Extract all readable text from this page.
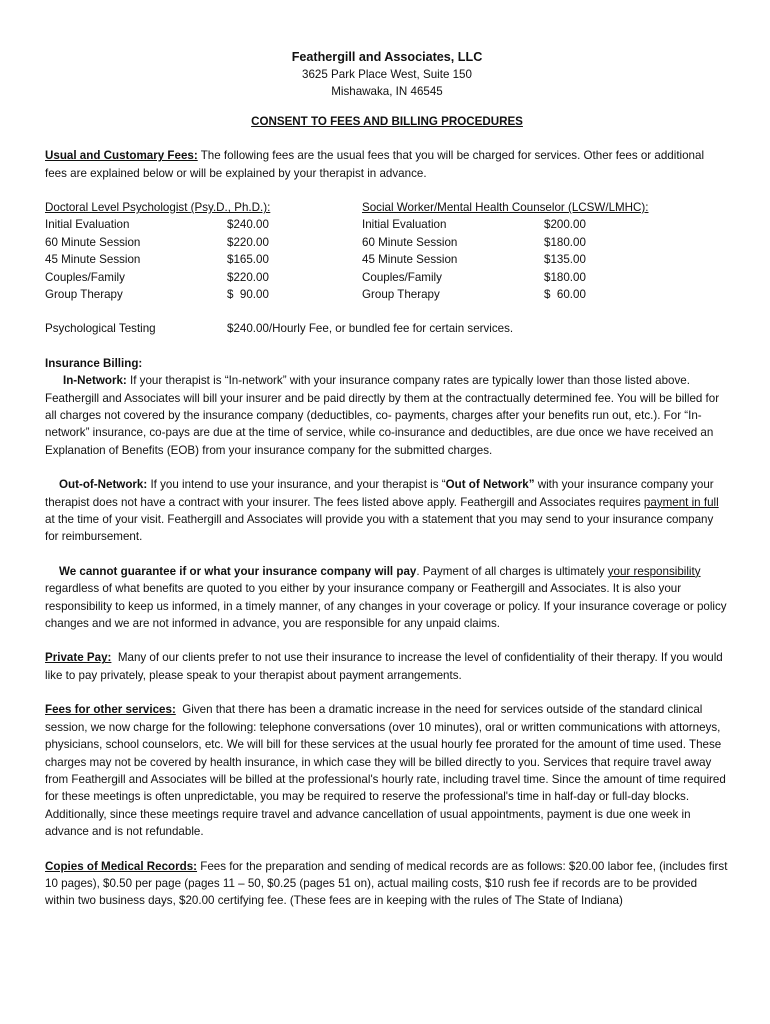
Feathergill and Associates, LLC
3625 Park Place West, Suite 150
Mishawaka, IN 46545
CONSENT TO FEES AND BILLING PROCEDURES

Usual and Customary Fees: The following fees are the usual fees that you will be charged for services. Other fees or additional fees are explained below or will be explained by your therapist in advance.

Doctoral Level Psychologist (Psy.D., Ph.D.):
Initial Evaluation	$240.00
60 Minute Session	$220.00
45 Minute Session	$165.00
Couples/Family	$220.00
Group Therapy	$  90.00
Social Worker/Mental Health Counselor (LCSW/LMHC):
Initial Evaluation	$200.00
60 Minute Session	$180.00
45 Minute Session	$135.00
Couples/Family	$180.00
Group Therapy	$  60.00
Psychological Testing	$240.00/Hourly Fee, or bundled fee for certain services.
Insurance Billing:

In-Network: If your therapist is “In-network” with your insurance company rates are typically lower than those listed above. Feathergill and Associates will bill your insurer and be paid directly by them at the contractually determined fee. You will be billed for all charges not covered by the insurance company (deductibles, co- payments, charges after your benefits run out, etc.). For “In-network” insurance, co-pays are due at the time of service, while co-insurance and deductibles, are due once we have received an Explanation of Benefits (EOB) from your insurance company for the submitted charges.

Out-of-Network: If you intend to use your insurance, and your therapist is “Out of Network” with your insurance company your therapist does not have a contract with your insurer. The fees listed above apply. Feathergill and Associates requires payment in full at the time of your visit. Feathergill and Associates will provide you with a statement that you may send to your insurance company for reimbursement.

We cannot guarantee if or what your insurance company will pay. Payment of all charges is ultimately your responsibility regardless of what benefits are quoted to you either by your insurance company or Feathergill and Associates. It is also your responsibility to keep us informed, in a timely manner, of any changes in your coverage or policy. If your insurance coverage or policy changes and we are not informed in advance, you are responsible for any unpaid claims.

Private Pay:  Many of our clients prefer to not use their insurance to increase the level of confidentiality of their therapy. If you would like to pay privately, please speak to your therapist about payment arrangements.

Fees for other services:  Given that there has been a dramatic increase in the need for services outside of the standard clinical session, we now charge for the following: telephone conversations (over 10 minutes), oral or written communications with attorneys, physicians, school counselors, etc. We will bill for these services at the usual hourly fee prorated for the amount of time used. These charges may not be covered by health insurance, in which case they will be billed directly to you. Services that require travel away from Feathergill and Associates will be billed at the professional's hourly rate, including travel time. Since the amount of time required for these meetings is often unpredictable, you may be required to reserve the professional's time in half-day or full-day blocks. Additionally, since these meetings require travel and advance cancellation of usual appointments, payment is due one week in advance and is not refundable.

Copies of Medical Records: Fees for the preparation and sending of medical records are as follows: $20.00 labor fee, (includes first 10 pages), $0.50 per page (pages 11 – 50, $0.25 (pages 51 on), actual mailing costs, $10 rush fee if records are to be provided within two business days, $20.00 certifying fee. (These fees are in keeping with the rules of The State of Indiana)
